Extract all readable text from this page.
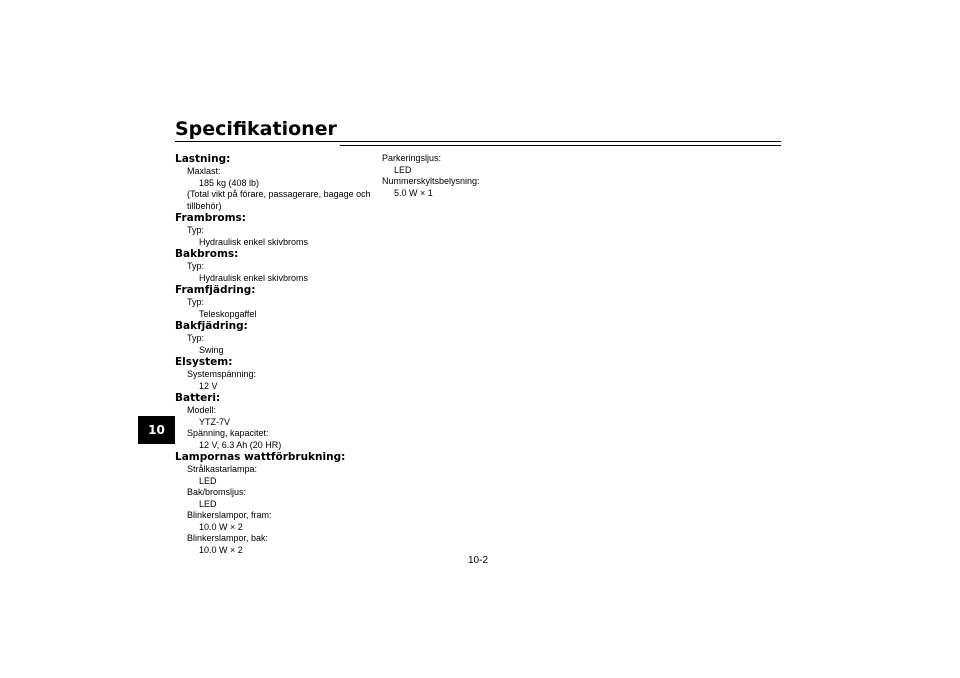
Specifikationer
10
Lastning:
Maxlast:
185 kg (408 lb)
(Total vikt på förare, passagerare, bagage och tillbehör)
Frambroms:
Typ:
Hydraulisk enkel skivbroms
Bakbroms:
Typ:
Hydraulisk enkel skivbroms
Framfjädring:
Typ:
Teleskopgaffel
Bakfjädring:
Typ:
Swing
Elsystem:
Systemspänning:
12 V
Batteri:
Modell:
YTZ-7V
Spänning, kapacitet:
12 V, 6.3 Ah (20 HR)
Lampornas wattförbrukning:
Strålkastarlampa:
LED
Bak/bromsljus:
LED
Blinkerslampor, fram:
10.0 W × 2
Blinkerslampor, bak:
10.0 W × 2
Parkeringsljus:
LED
Nummerskyltsbelysning:
5.0 W × 1
10-2
